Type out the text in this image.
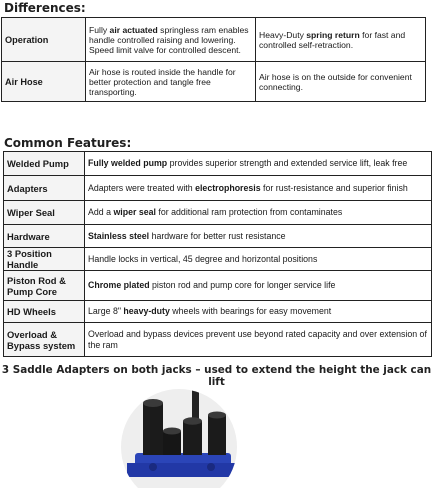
Differences:
Operation	Fully air actuated springless ram enables handle controlled raising and lowering. Speed limit valve for controlled descent.	Heavy-Duty spring return for fast and controlled self-retraction.
Air Hose	Air hose is routed inside the handle for better protection and tangle free transporting.	Air hose is on the outside for convenient connecting.
Common Features:
Welded Pump	Fully welded pump provides superior strength and extended service lift, leak free
Adapters	Adapters were treated with electrophoresis for rust-resistance and superior finish
Wiper Seal	Add a wiper seal for additional ram protection from contaminates
Hardware	Stainless steel hardware for better rust resistance
3 Position Handle	Handle locks in vertical, 45 degree and horizontal positions
Piston Rod & Pump Core	Chrome plated piston rod and pump core for longer service life
HD Wheels	Large 8" heavy-duty wheels with bearings for easy movement
Overload & Bypass system	Overload and bypass devices prevent use beyond rated capacity and over extension of the ram
3 Saddle Adapters on both jacks – used to extend the height the jack can lift
